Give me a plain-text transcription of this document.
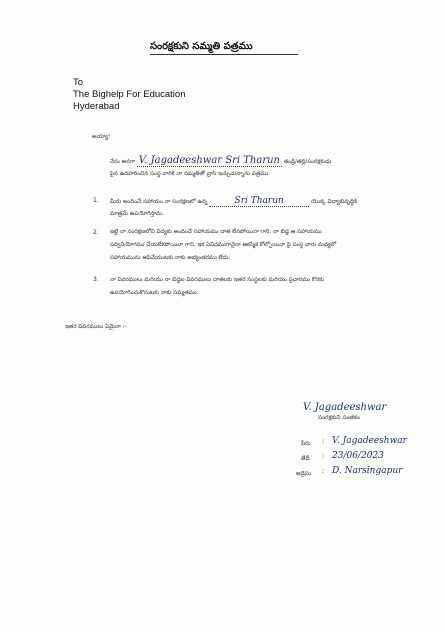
సంరక్షకుని సమ్మతి పత్రము
To
The Bighelp For Education
Hyderabad
అయ్యా!
నేను అనగా V. Jagadeeshwar Sri Tharun తండ్రి/తల్లి/సంరక్షకుడు
పైన ఉదహరించిన సంస్థ వారికి నా సమ్మతితో వ్రాసి ఇచ్చుచున్నాను పత్రము.
1. మీరు అందించే సహాయం నా సంరక్షణలో ఉన్న	Sri Tharun	యొక్క విద్యాభివృద్ధికి
మాత్రమే ఉపయోగిస్తాను.
2. ఇట్టి నా సంరక్షణలోని విద్యకు అందించే సహాయము దాత లేనపోయినా గాని, నా బిడ్డ ఆ సహాయము
సద్వినియోగము చేయలేకపోయినా గాని, ఇక ఏవిధముగానైనా ఆకస్మిక కోల్పోయినా పై సంస్థ వారు మధ్యలో
సహాయమును ఆపివేయుటకు నాకు అభ్యంతరము లేదు.
3. నా వివరములు మరియు నా బిడ్డల వివరములు దాతలకు ఇతర సంస్థలకు మరియు ప్రచారము కొరకు
ఉపయోగించుకొనుటకు నాకు సమ్మతము.
ఇతర వివరములు ఏమైనా :-
V. Jagadeeshwar
సంరక్షకుని సంతకం
పేరు : V. Jagadeeshwar
తేదీ : 23/06/2023
అడ్రెసు : D. Narsingapur
